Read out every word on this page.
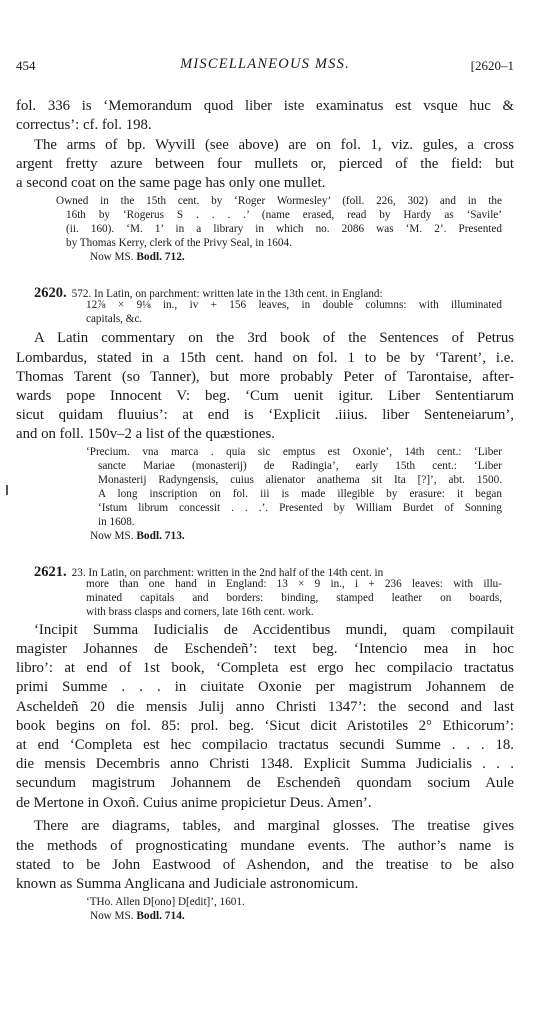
454	MISCELLANEOUS MSS.	[2620–1
fol. 336 is ‘Memorandum quod liber iste examinatus est vsque huc &
correctus’: cf. fol. 198.
The arms of bp. Wyvill (see above) are on fol. 1, viz. gules, a cross
argent fretty azure between four mullets or, pierced of the field: but
a second coat on the same page has only one mullet.
Owned in the 15th cent. by ‘Roger Wormesley’ (foll. 226, 302) and in the
16th by ‘Rogerus S . . . .’ (name erased, read by Hardy as ‘Savile’
(ii. 160). ‘M. 1’ in a library in which no. 2086 was ‘M. 2’. Presented
by Thomas Kerry, clerk of the Privy Seal, in 1604.
Now MS. Bodl. 712.
2620. 572. In Latin, on parchment: written late in the 13th cent. in England:
12⅞ × 9⅛ in., iv + 156 leaves, in double columns: with illuminated
capitals, &c.
A Latin commentary on the 3rd book of the Sentences of Petrus
Lombardus, stated in a 15th cent. hand on fol. 1 to be by ‘Tarent’, i.e.
Thomas Tarent (so Tanner), but more probably Peter of Tarontaise, after-
wards pope Innocent V: beg. ‘Cum uenit igitur. Liber Sententiarum
sicut quidam fluuius’: at end is ‘Explicit .iiius. liber Senteneiarum’,
and on foll. 150v–2 a list of the quæstiones.
‘Precium. vna marca . quia sic emptus est Oxonie’, 14th cent.: ‘Liber
sancte Mariae (monasterij) de Radingia’, early 15th cent.: ‘Liber
Monasterij Radyngensis, cuius alienator anathema sit Ita [?]’, abt. 1500.
A long inscription on fol. iii is made illegible by erasure: it began
‘Istum librum concessit . . .’. Presented by William Burdet of Sonning
in 1608.
Now MS. Bodl. 713.
2621. 23. In Latin, on parchment: written in the 2nd half of the 14th cent. in
more than one hand in England: 13 × 9 in., i + 236 leaves: with illu-
minated capitals and borders: binding, stamped leather on boards,
with brass clasps and corners, late 16th cent. work.
‘Incipit Summa Iudicialis de Accidentibus mundi, quam compilauit
magister Johannes de Eschendeñ’: text beg. ‘Intencio mea in hoc
libro’: at end of 1st book, ‘Completa est ergo hec compilacio tractatus
primi Summe . . . in ciuitate Oxonie per magistrum Johannem de
Ascheldeñ 20 die mensis Julij anno Christi 1347’: the second and last
book begins on fol. 85: prol. beg. ‘Sicut dicit Aristotiles 2° Ethicorum’:
at end ‘Completa est hec compilacio tractatus secundi Summe . . . 18.
die mensis Decembris anno Christi 1348. Explicit Summa Judicialis . . .
secundum magistrum Johannem de Eschendeñ quondam socium Aule
de Mertone in Oxoñ. Cuius anime propicietur Deus. Amen’.
There are diagrams, tables, and marginal glosses. The treatise gives
the methods of prognosticating mundane events. The author’s name is
stated to be John Eastwood of Ashendon, and the treatise to be also
known as Summa Anglicana and Judiciale astronomicum.
‘THo. Allen D[ono] D[edit]’, 1601.
Now MS. Bodl. 714.
